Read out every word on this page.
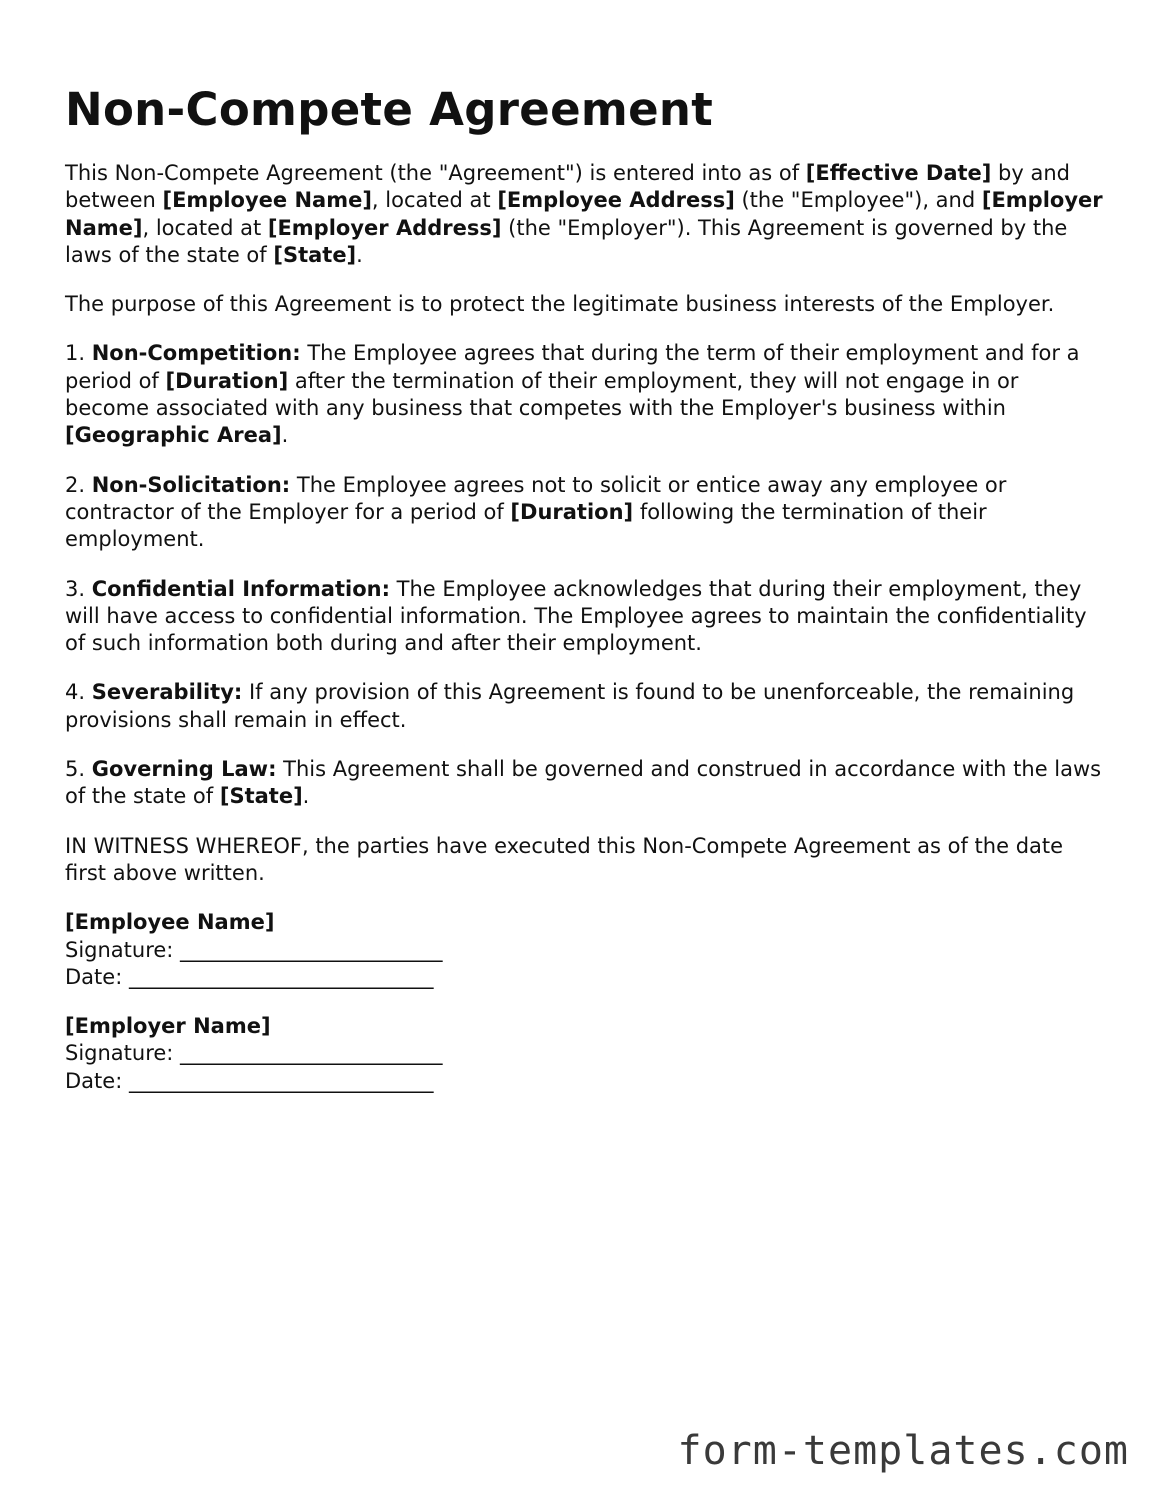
Non-Compete Agreement

This Non-Compete Agreement (the "Agreement") is entered into as of [Effective Date] by and between [Employee Name], located at [Employee Address] (the "Employee"), and [Employer Name], located at [Employer Address] (the "Employer"). This Agreement is governed by the laws of the state of [State].

The purpose of this Agreement is to protect the legitimate business interests of the Employer.

1. Non-Competition: The Employee agrees that during the term of their employment and for a period of [Duration] after the termination of their employment, they will not engage in or become associated with any business that competes with the Employer's business within [Geographic Area].

2. Non-Solicitation: The Employee agrees not to solicit or entice away any employee or contractor of the Employer for a period of [Duration] following the termination of their employment.

3. Confidential Information: The Employee acknowledges that during their employment, they will have access to confidential information. The Employee agrees to maintain the confidentiality of such information both during and after their employment.

4. Severability: If any provision of this Agreement is found to be unenforceable, the remaining provisions shall remain in effect.

5. Governing Law: This Agreement shall be governed and construed in accordance with the laws of the state of [State].

IN WITNESS WHEREOF, the parties have executed this Non-Compete Agreement as of the date first above written.

[Employee Name]
Signature: _________________________
Date: _____________________________
[Employer Name]
Signature: _________________________
Date: _____________________________
form-templates.com
